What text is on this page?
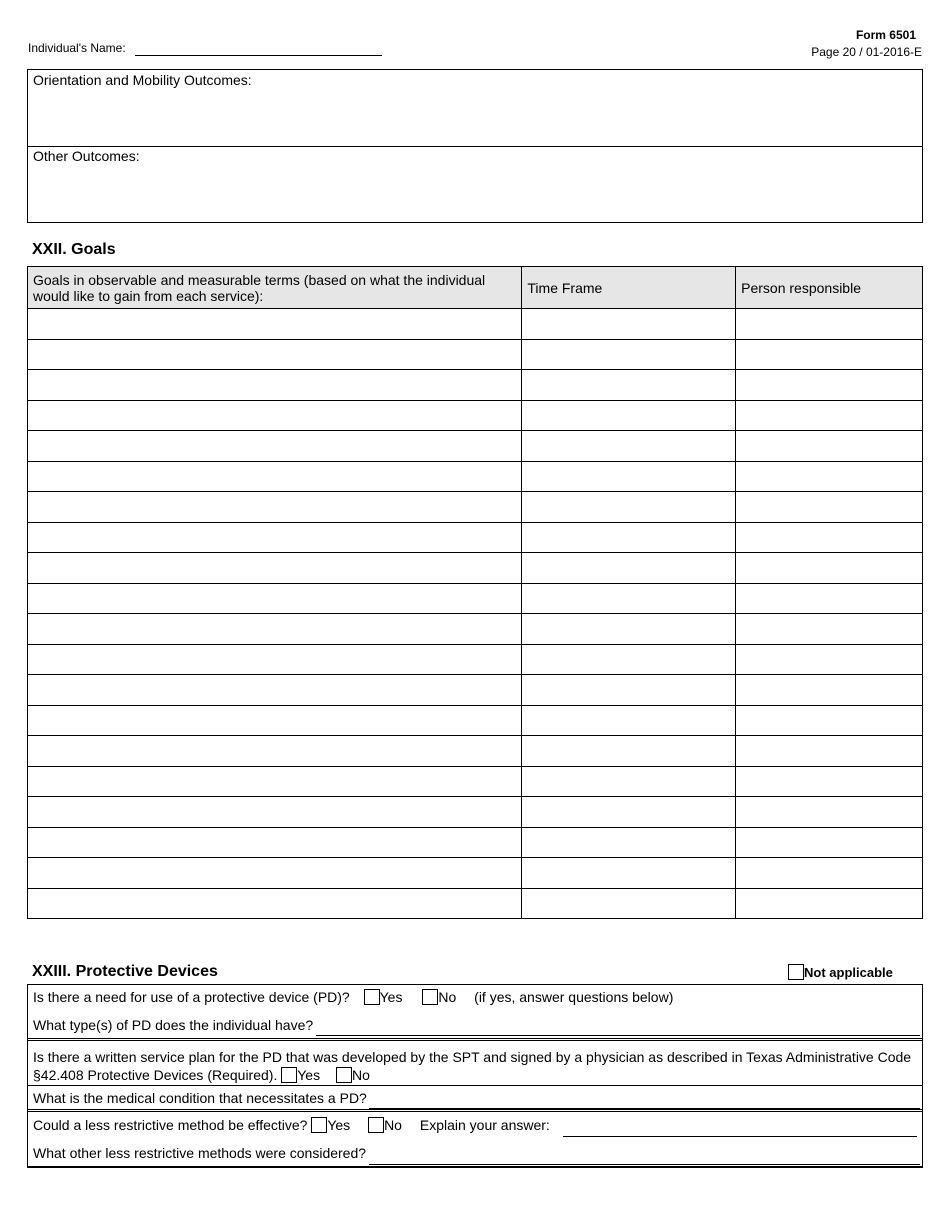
Individual's Name:
Form 6501
Page 20 / 01-2016-E
Orientation and Mobility Outcomes:
Other Outcomes:
XXII. Goals
Goals in observable and measurable terms (based on what the individual would like to gain from each service):	Time Frame	Person responsible

XXIII. Protective Devices	Not applicable
Is there a need for use of a protective device (PD)? Yes	No (if yes, answer questions below)
What type(s) of PD does the individual have?
Is there a written service plan for the PD that was developed by the SPT and signed by a physician as described in Texas Administrative Code
§42.408 Protective Devices (Required). Yes No
What is the medical condition that necessitates a PD?
Could a less restrictive method be effective? Yes No Explain your answer:
What other less restrictive methods were considered?
